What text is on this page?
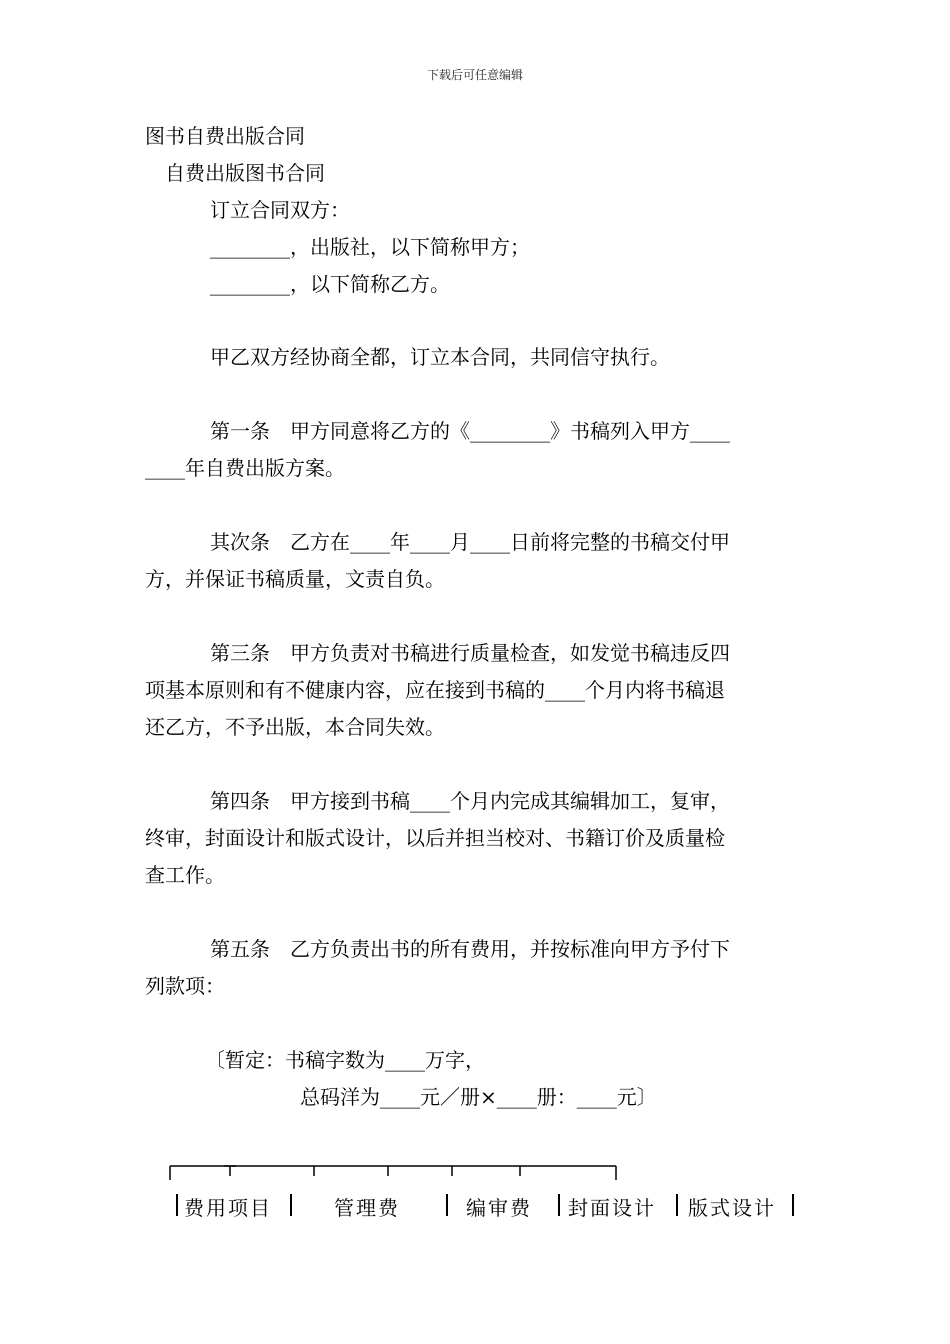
下载后可任意编辑
图书自费出版合同
自费出版图书合同
订立合同双方：
________，出版社，以下简称甲方；
________，以下简称乙方。
甲乙双方经协商全都，订立本合同，共同信守执行。
第一条 甲方同意将乙方的《________》书稿列入甲方____
____年自费出版方案。
其次条 乙方在____年____月____日前将完整的书稿交付甲
方，并保证书稿质量，文责自负。
第三条 甲方负责对书稿进行质量检查，如发觉书稿违反四
项基本原则和有不健康内容，应在接到书稿的____个月内将书稿退
还乙方，不予出版，本合同失效。
第四条 甲方接到书稿____个月内完成其编辑加工，复审，
终审，封面设计和版式设计，以后并担当校对、书籍订价及质量检
查工作。
第五条 乙方负责出书的所有费用，并按标准向甲方予付下
列款项：
〔暂定：书稿字数为____万字，
总码洋为____元／册×____册：____元〕
费用项目	管理费	编审费 封面设计 版式设计
